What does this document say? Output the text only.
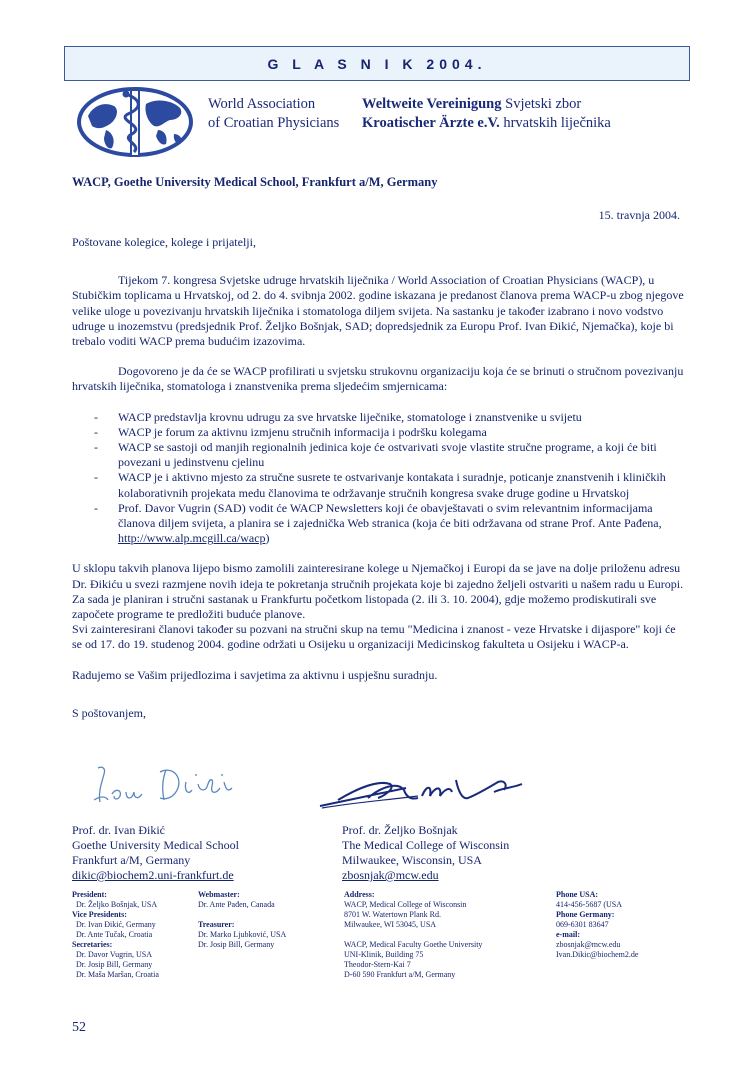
G L A S N I K 2004.
World Association
of Croatian Physicians
Weltweite Vereinigung Svjetski zbor
Kroatischer Ärzte e.V. hrvatskih liječnika
WACP, Goethe University Medical School, Frankfurt a/M, Germany
15. travnja 2004.

Poštovane kolegice, kolege i prijatelji,

Tijekom 7. kongresa Svjetske udruge hrvatskih liječnika / World Association of Croatian Physicians (WACP), u Stubičkim toplicama u Hrvatskoj, od 2. do 4. svibnja 2002. godine iskazana je predanost članova prema WACP-u zbog njegove velike uloge u povezivanju hrvatskih liječnika i stomatologa diljem svijeta. Na sastanku je također izabrano i novo vodstvo udruge u inozemstvu (predsjednik Prof. Željko Bošnjak, SAD; dopredsjednik za Europu Prof. Ivan Đikić, Njemačka), koje bi trebalo voditi WACP prema budućim izazovima.

Dogovoreno je da će se WACP profilirati u svjetsku strukovnu organizaciju koja će se brinuti o stručnom povezivanju hrvatskih liječnika, stomatologa i znanstvenika prema sljedećim smjernicama:

- WACP predstavlja krovnu udrugu za sve hrvatske liječnike, stomatologe i znanstvenike u svijetu
- WACP je forum za aktivnu izmjenu stručnih informacija i podršku kolegama
- WACP se sastoji od manjih regionalnih jedinica koje će ostvarivati svoje vlastite stručne programe, a koji će biti povezani u jedinstvenu cjelinu
- WACP je i aktivno mjesto za stručne susrete te ostvarivanje kontakata i suradnje, poticanje znanstvenih i kliničkih kolaborativnih projekata medu članovima te održavanje stručnih kongresa svake druge godine u Hrvatskoj
- Prof. Davor Vugrin (SAD) vodit će WACP Newsletters koji će obavještavati o svim relevantnim informacijama članova diljem svijeta, a planira se i zajednička Web stranica (koja će biti održavana od strane Prof. Ante Pađena, http://www.alp.mcgill.ca/wacp)

U sklopu takvih planova lijepo bismo zamolili zainteresirane kolege u Njemačkoj i Europi da se jave na dolje priloženu adresu Dr. Đikiću u svezi razmjene novih ideja te pokretanja stručnih projekata koje bi zajedno željeli ostvariti u našem radu u Europi. Za sada je planiran i stručni sastanak u Frankfurtu početkom listopada (2. ili 3. 10. 2004), gdje možemo prodiskutirali sve započete programe te predložiti buduće planove.

Svi zainteresirani članovi također su pozvani na stručni skup na temu "Medicina i znanost - veze Hrvatske i dijaspore" koji će se od 17. do 19. studenog 2004. godine održati u Osijeku u organizaciji Medicinskog fakulteta u Osijeku i WACP-a.

Radujemo se Vašim prijedlozima i savjetima za aktivnu i uspješnu suradnju.

S poštovanjem,

Prof. dr. Ivan Đikić
Goethe University Medical School
Frankfurt a/M, Germany
dikic@biochem2.uni-frankfurt.de
Prof. dr. Željko Bošnjak
The Medical College of Wisconsin
Milwaukee, Wisconsin, USA
zbosnjak@mcw.edu
President:
Dr. Željko Bošnjak, USA
Vice Presidents:
Dr. Ivan Đikić, Germany
Dr. Ante Tučak, Croatia
Secretaries:
Dr. Davor Vugrin, USA
Dr. Josip Bill, Germany
Dr. Maša Maršan, Croatia
Webmaster:
Dr. Ante Pađen, Canada
Treasurer:
Dr. Marko Ljubković, USA
Dr. Josip Bill, Germany
Address:
WACP, Medical College of Wisconsin
8701 W. Watertown Plank Rd.
Milwaukee, WI 53045, USA
WACP, Medical Faculty Goethe University
UNI-Klinik, Building 75
Theodor-Stern-Kai 7
D-60 590 Frankfurt a/M, Germany
Phone USA:
414-456-5687 (USA
Phone Germany:
069-6301 83647
e-mail:
zbosnjak@mcw.edu
Ivan.Dikic@biochem2.de
52
